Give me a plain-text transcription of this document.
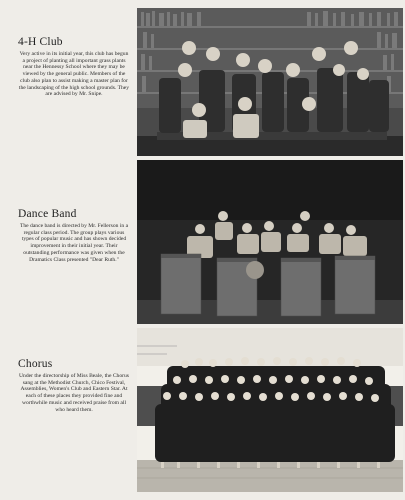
4-H Club

Very active in its initial year, this club has begun a project of planting all important grass plants near the Hennessy School where they may be viewed by the general public. Members of the club also plan to assist making a master plan for the landscaping of the high school grounds. They are advised by Mr. Snipe.

Dance Band

The dance band is directed by Mr. Fellerson in a regular class period. The group plays various types of popular music and has shown decided improvement in their initial year. Their outstanding performance was given when the Dramatics Class presented "Dear Ruth."

Chorus

Under the directorship of Miss Beale, the Chorus sang at the Methodist Church, Chico Festival, Assemblies, Women's Club and Eastern Star. At each of these places they provided fine and worthwhile music and received praise from all who heard them.
